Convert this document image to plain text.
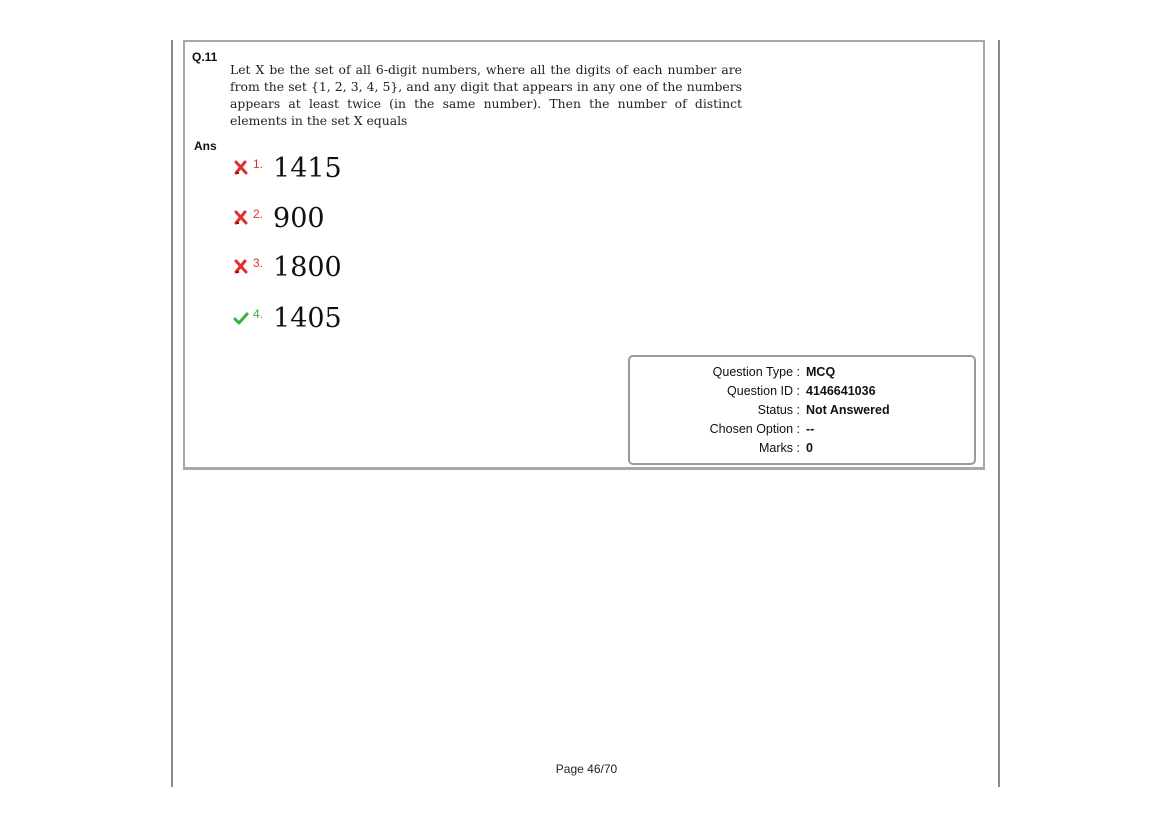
Q.11
Let X be the set of all 6-digit numbers, where all the digits of each number are from the set {1, 2, 3, 4, 5}, and any digit that appears in any one of the numbers appears at least twice (in the same number). Then the number of distinct elements in the set X equals
Ans
1. 1415
2. 900
3. 1800
4. 1405
Question Type : MCQ
Question ID : 4146641036
Status : Not Answered
Chosen Option : --
Marks : 0
Page 46/70
